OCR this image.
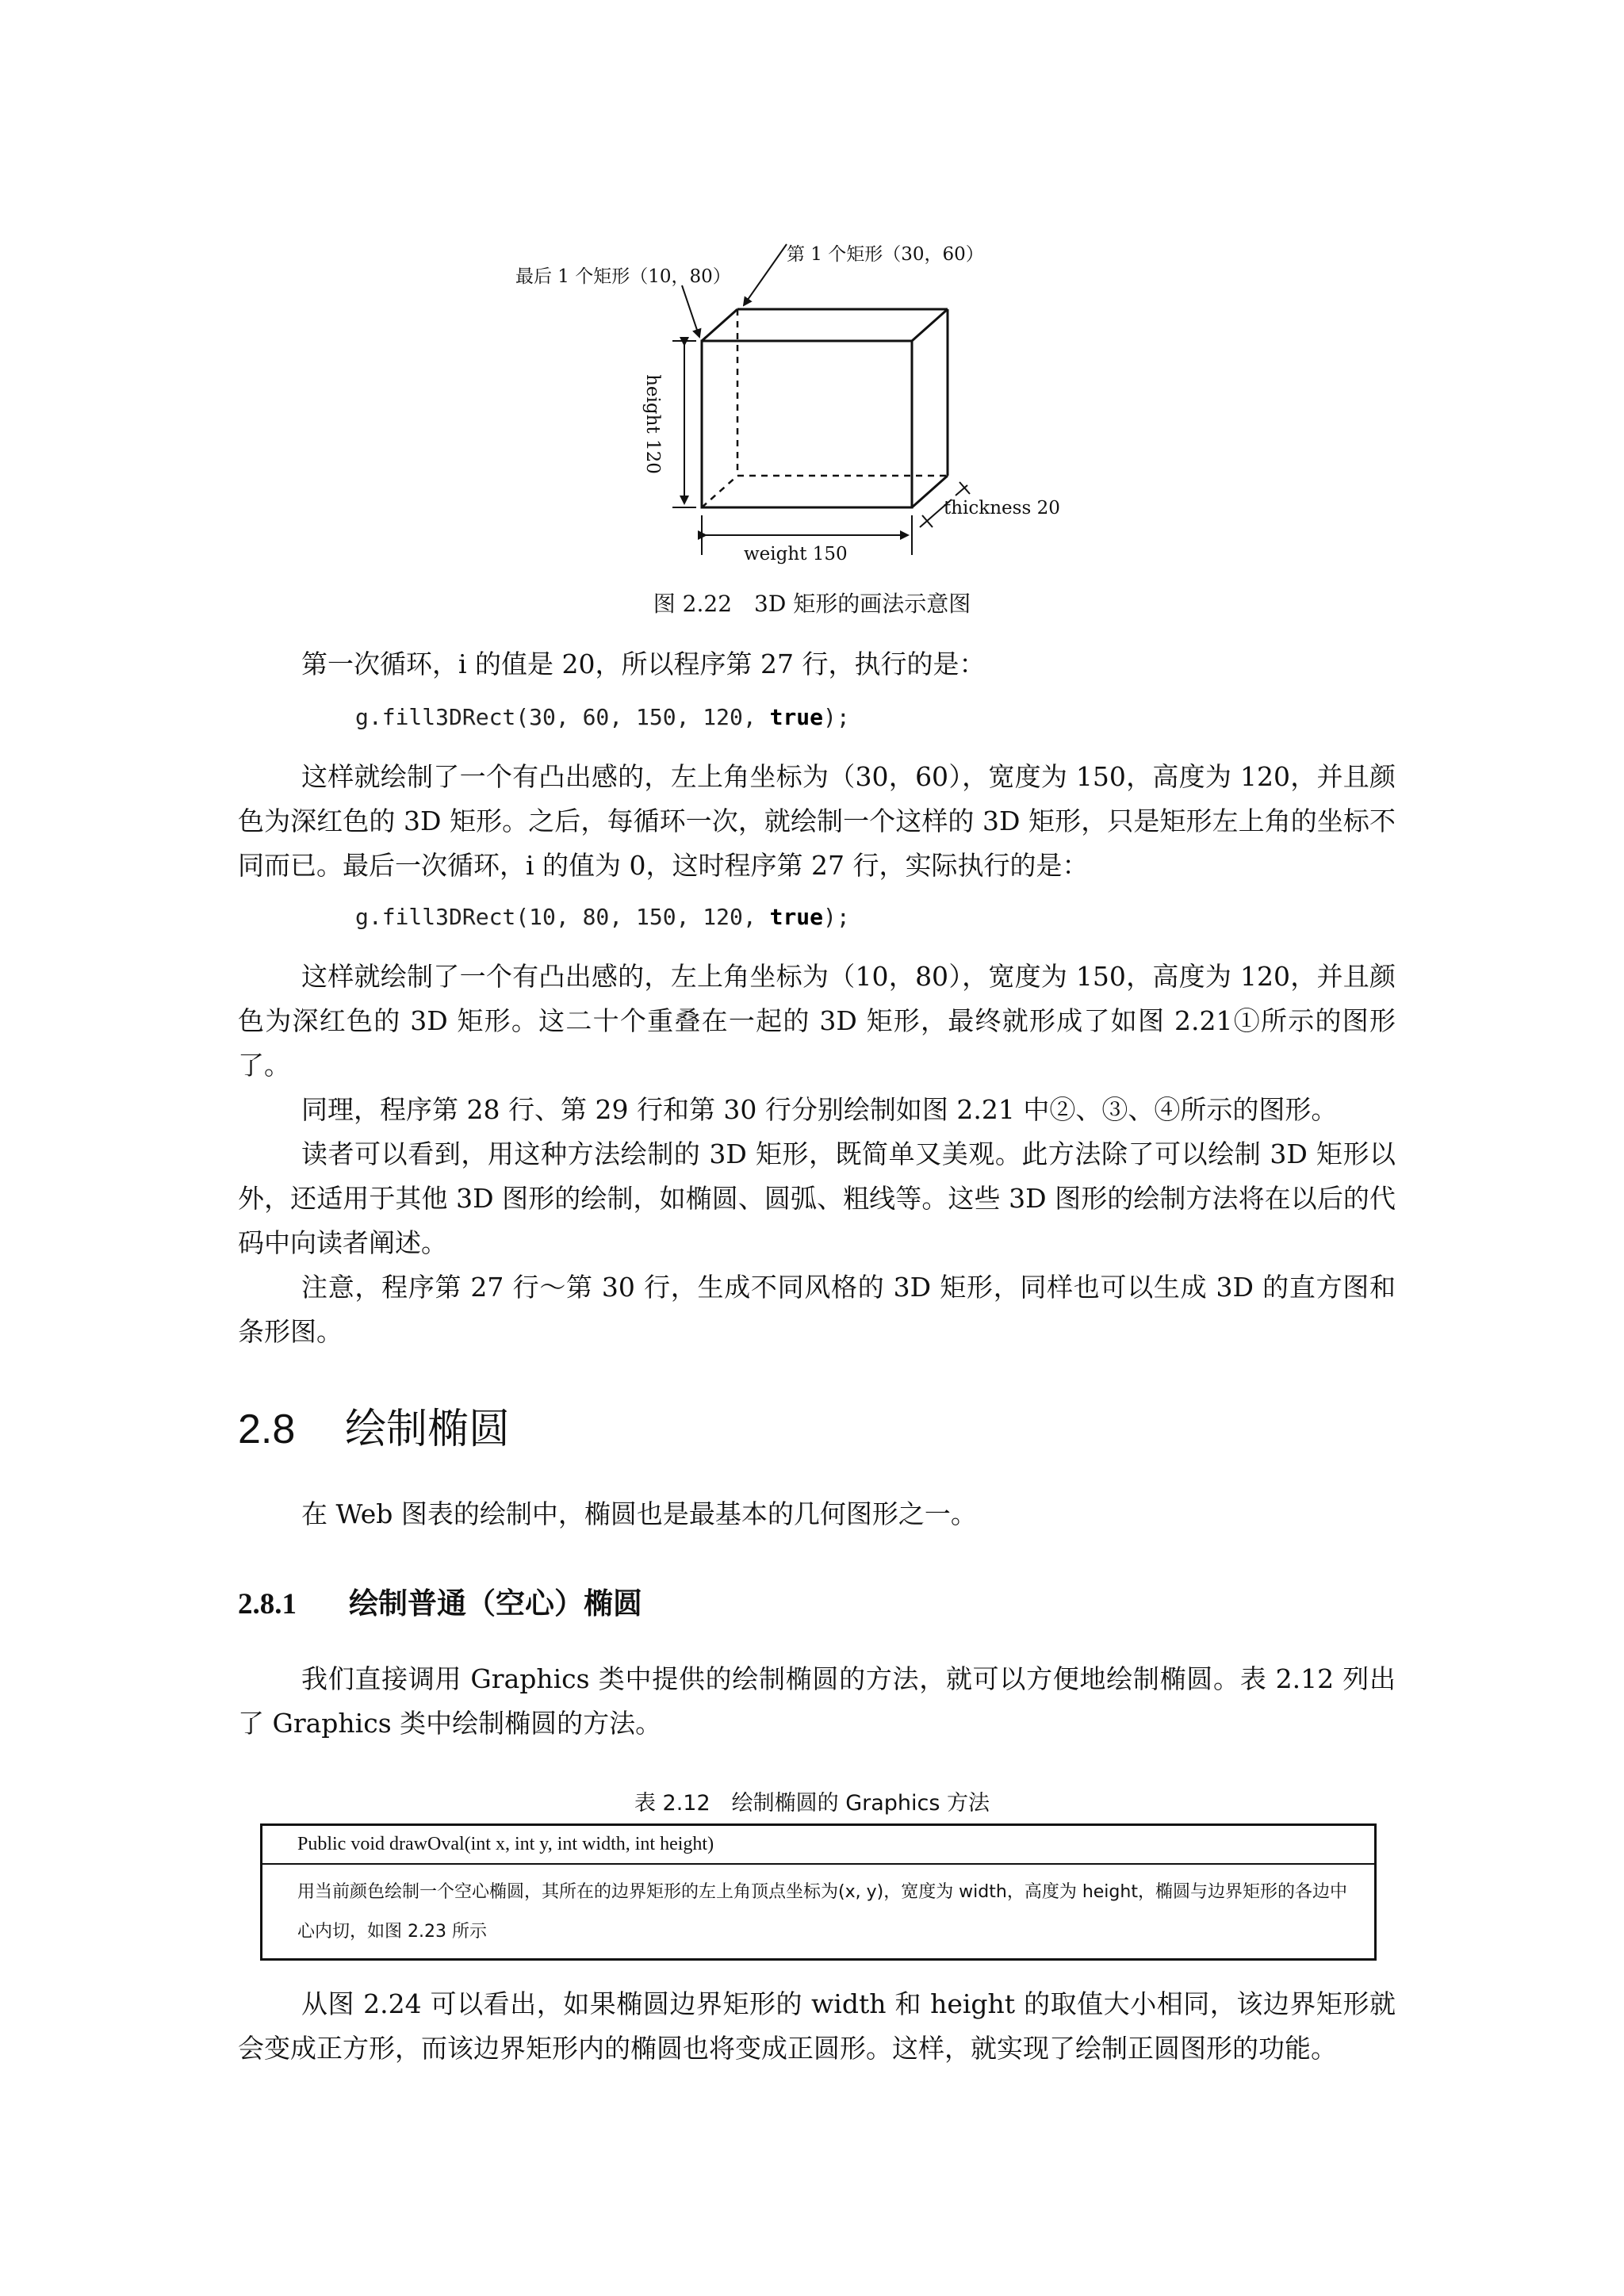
最后 1 个矩形（10，80）
第 1 个矩形（30，60）
height 120
thickness 20
weight 150
图 2.22　3D 矩形的画法示意图
第一次循环，i 的值是 20，所以程序第 27 行，执行的是：
g.fill3DRect(30, 60, 150, 120, true);
这样就绘制了一个有凸出感的，左上角坐标为（30，60），宽度为 150，高度为 120，并且颜色为深红色的 3D 矩形。之后，每循环一次，就绘制一个这样的 3D 矩形，只是矩形左上角的坐标不同而已。最后一次循环，i 的值为 0，这时程序第 27 行，实际执行的是：
g.fill3DRect(10, 80, 150, 120, true);
这样就绘制了一个有凸出感的，左上角坐标为（10，80），宽度为 150，高度为 120，并且颜色为深红色的 3D 矩形。这二十个重叠在一起的 3D 矩形，最终就形成了如图 2.21①所示的图形了。
同理，程序第 28 行、第 29 行和第 30 行分别绘制如图 2.21 中②、③、④所示的图形。
读者可以看到，用这种方法绘制的 3D 矩形，既简单又美观。此方法除了可以绘制 3D 矩形以外，还适用于其他 3D 图形的绘制，如椭圆、圆弧、粗线等。这些 3D 图形的绘制方法将在以后的代码中向读者阐述。
注意，程序第 27 行～第 30 行，生成不同风格的 3D 矩形，同样也可以生成 3D 的直方图和条形图。
2.8 绘制椭圆
在 Web 图表的绘制中，椭圆也是最基本的几何图形之一。
2.8.1 绘制普通（空心）椭圆
我们直接调用 Graphics 类中提供的绘制椭圆的方法，就可以方便地绘制椭圆。表 2.12 列出了 Graphics 类中绘制椭圆的方法。
表 2.12　绘制椭圆的 Graphics 方法
Public void drawOval(int x, int y, int width, int height)
用当前颜色绘制一个空心椭圆，其所在的边界矩形的左上角顶点坐标为(x, y)，宽度为 width，高度为 height，椭圆与边界矩形的各边中心内切，如图 2.23 所示
从图 2.24 可以看出，如果椭圆边界矩形的 width 和 height 的取值大小相同，该边界矩形就会变成正方形，而该边界矩形内的椭圆也将变成正圆形。这样，就实现了绘制正圆图形的功能。
